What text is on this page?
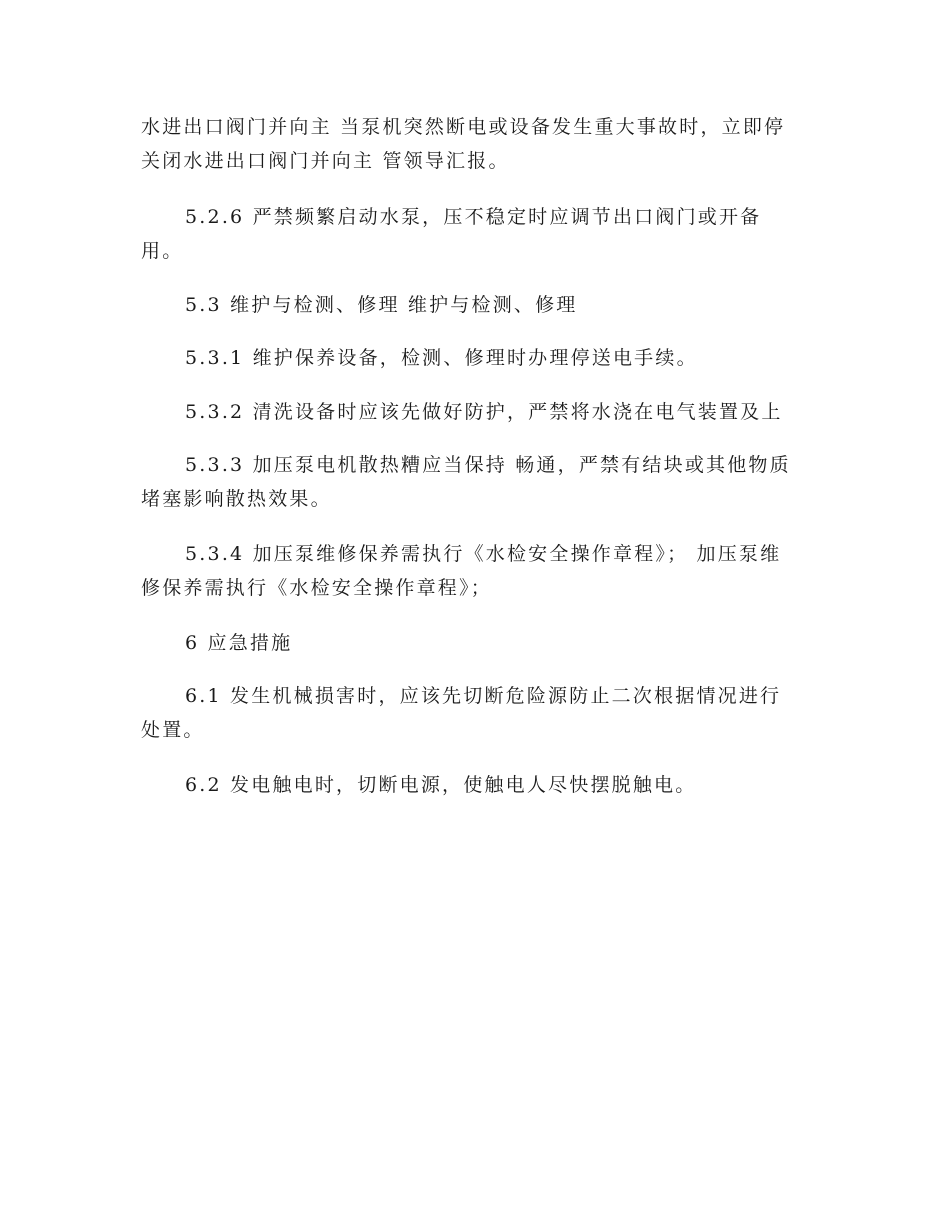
水进出口阀门并向主 当泵机突然断电或设备发生重大事故时，立即停
关闭水进出口阀门并向主 管领导汇报。
5.2.6 严禁频繁启动水泵，压不稳定时应调节出口阀门或开备
用。
5.3 维护与检测、修理 维护与检测、修理
5.3.1 维护保养设备，检测、修理时办理停送电手续。
5.3.2 清洗设备时应该先做好防护，严禁将水浇在电气装置及上
5.3.3 加压泵电机散热糟应当保持 畅通，严禁有结块或其他物质
堵塞影响散热效果。
5.3.4 加压泵维修保养需执行《水检安全操作章程》； 加压泵维
修保养需执行《水检安全操作章程》；
6 应急措施
6.1 发生机械损害时，应该先切断危险源防止二次根据情况进行
处置。
6.2 发电触电时，切断电源，使触电人尽快摆脱触电。
